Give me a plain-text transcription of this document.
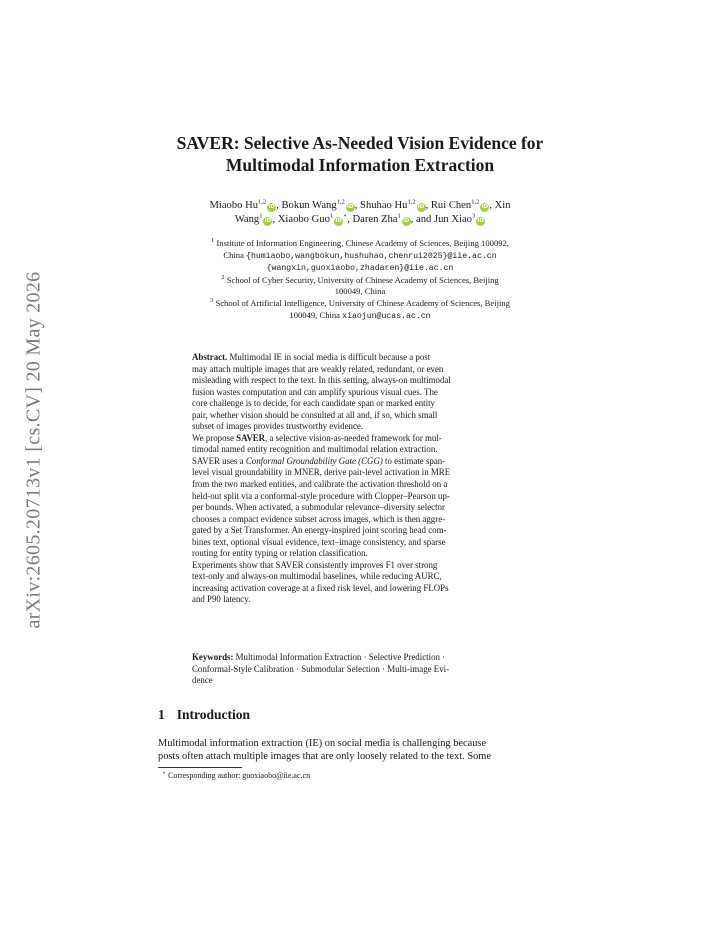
arXiv:2605.20713v1 [cs.CV] 20 May 2026
SAVER: Selective As-Needed Vision Evidence for
Multimodal Information Extraction
Miaobo Hu$^{1,2}$iD, Bokun Wang$^{1,2}$iD, Shuhao Hu$^{1,2}$iD, Rui Chen$^{1,2}$iD, Xin
Wang$^1$iD, Xiaobo Guo$^1$iD⋆, Daren Zha$^1$iD, and Jun Xiao$^3$iD
$^1$ Institute of Information Engineering, Chinese Academy of Sciences, Beijing 100092,
China {humiaobo,wangbokun,hushuhao,chenrui2025}@iie.ac.cn
{wangxin,guoxiaobo,zhadaren}@iie.ac.cn
$^2$ School of Cyber Security, University of Chinese Academy of Sciences, Beijing
100049, China
$^3$ School of Artificial Intelligence, University of Chinese Academy of Sciences, Beijing
100049, China xiaojun@ucas.ac.cn
Abstract. Multimodal IE in social media is difficult because a post
may attach multiple images that are weakly related, redundant, or even
misleading with respect to the text. In this setting, always-on multimodal
fusion wastes computation and can amplify spurious visual cues. The
core challenge is to decide, for each candidate span or marked entity
pair, whether vision should be consulted at all and, if so, which small
subset of images provides trustworthy evidence.
We propose SAVER, a selective vision-as-needed framework for mul-
timodal named entity recognition and multimodal relation extraction.
SAVER uses a Conformal Groundability Gate (CGG) to estimate span-
level visual groundability in MNER, derive pair-level activation in MRE
from the two marked entities, and calibrate the activation threshold on a
held-out split via a conformal-style procedure with Clopper–Pearson up-
per bounds. When activated, a submodular relevance–diversity selector
chooses a compact evidence subset across images, which is then aggre-
gated by a Set Transformer. An energy-inspired joint scoring head com-
bines text, optional visual evidence, text–image consistency, and sparse
routing for entity typing or relation classification.
Experiments show that SAVER consistently improves F1 over strong
text-only and always-on multimodal baselines, while reducing AURC,
increasing activation coverage at a fixed risk level, and lowering FLOPs
and P90 latency.
Keywords: Multimodal Information Extraction · Selective Prediction ·
Conformal-Style Calibration · Submodular Selection · Multi-image Evi-
dence
1 Introduction
Multimodal information extraction (IE) on social media is challenging because
posts often attach multiple images that are only loosely related to the text. Some
⋆ Corresponding author: guoxiaobo@iie.ac.cn
